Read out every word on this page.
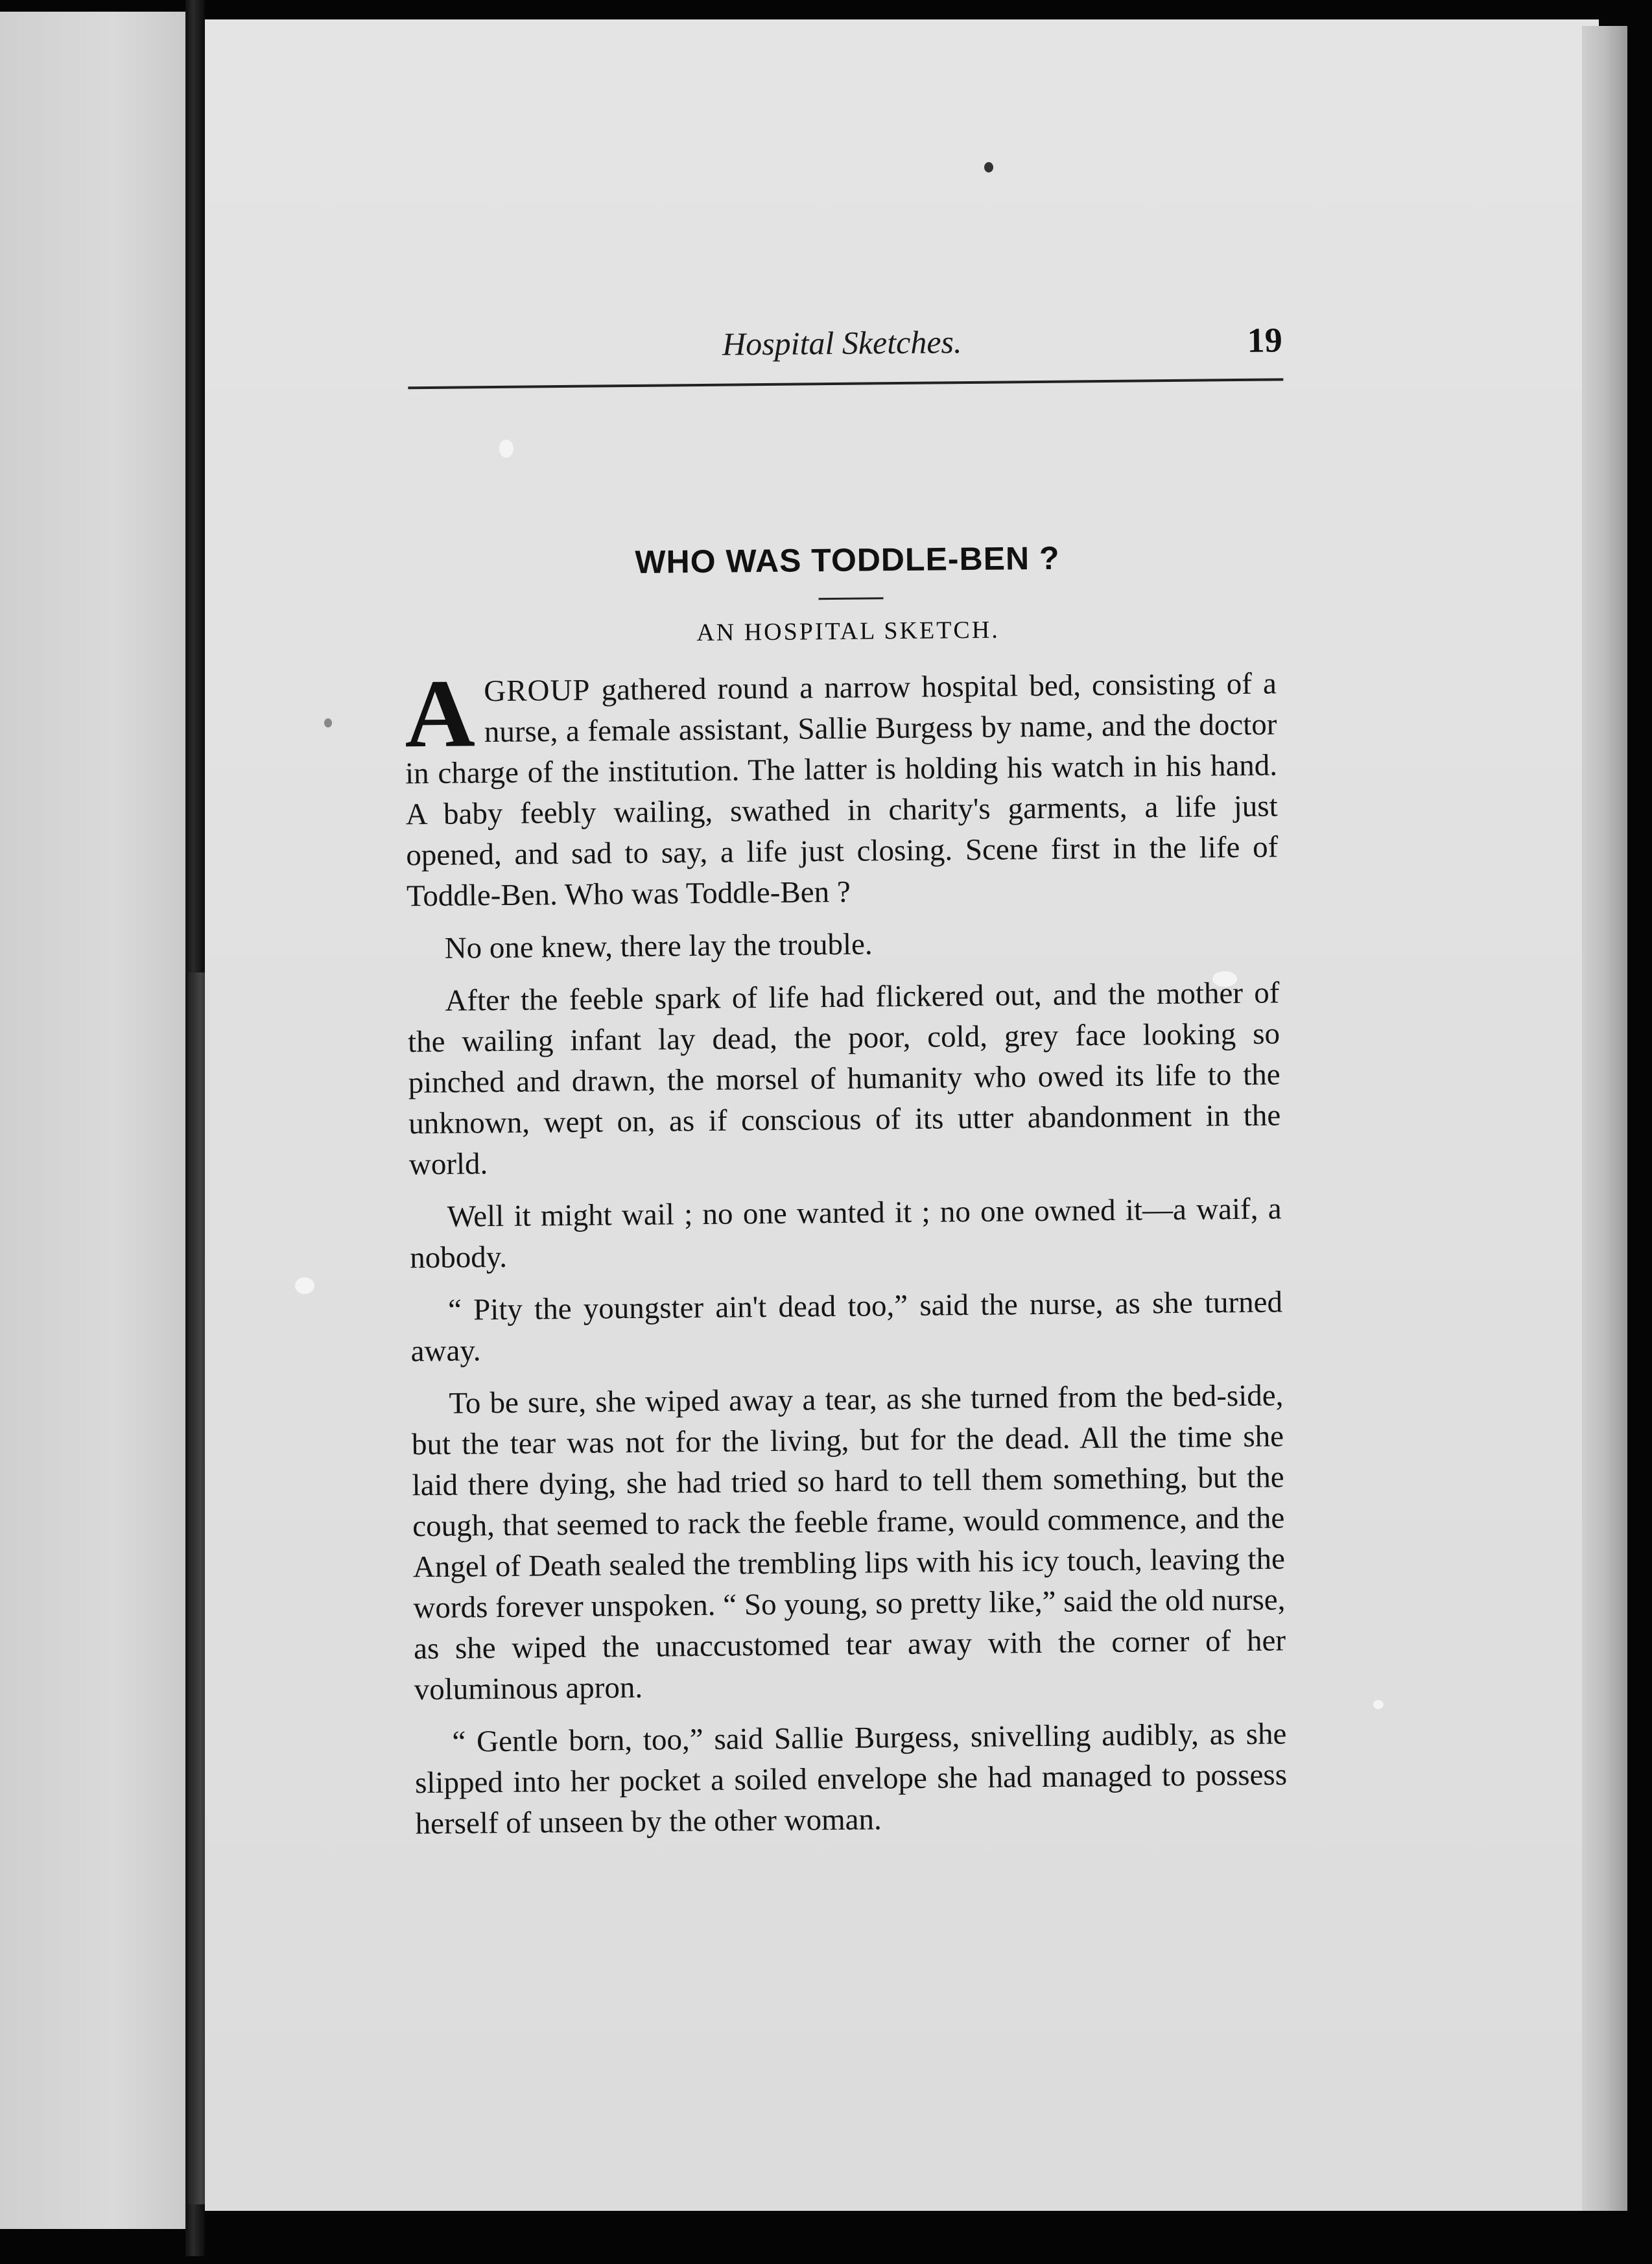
Hospital Sketches.	19
WHO WAS TODDLE-BEN ?
AN HOSPITAL SKETCH.

AGROUP gathered round a narrow hospital bed, consisting of a nurse, a female assistant, Sallie Burgess by name, and the doctor in charge of the institution. The latter is holding his watch in his hand. A baby feebly wailing, swathed in charity's garments, a life just opened, and sad to say, a life just closing. Scene first in the life of Toddle-Ben. Who was Toddle-Ben ?

No one knew, there lay the trouble.

After the feeble spark of life had flickered out, and the mother of the wailing infant lay dead, the poor, cold, grey face looking so pinched and drawn, the morsel of humanity who owed its life to the unknown, wept on, as if conscious of its utter abandonment in the world.

Well it might wail ; no one wanted it ; no one owned it—a waif, a nobody.

“ Pity the youngster ain't dead too,” said the nurse, as she turned away.

To be sure, she wiped away a tear, as she turned from the bed-side, but the tear was not for the living, but for the dead. All the time she laid there dying, she had tried so hard to tell them something, but the cough, that seemed to rack the feeble frame, would commence, and the Angel of Death sealed the trembling lips with his icy touch, leaving the words forever unspoken. “ So young, so pretty like,” said the old nurse, as she wiped the unaccustomed tear away with the corner of her voluminous apron.

“ Gentle born, too,” said Sallie Burgess, snivelling audibly, as she slipped into her pocket a soiled envelope she had managed to possess herself of unseen by the other woman.
